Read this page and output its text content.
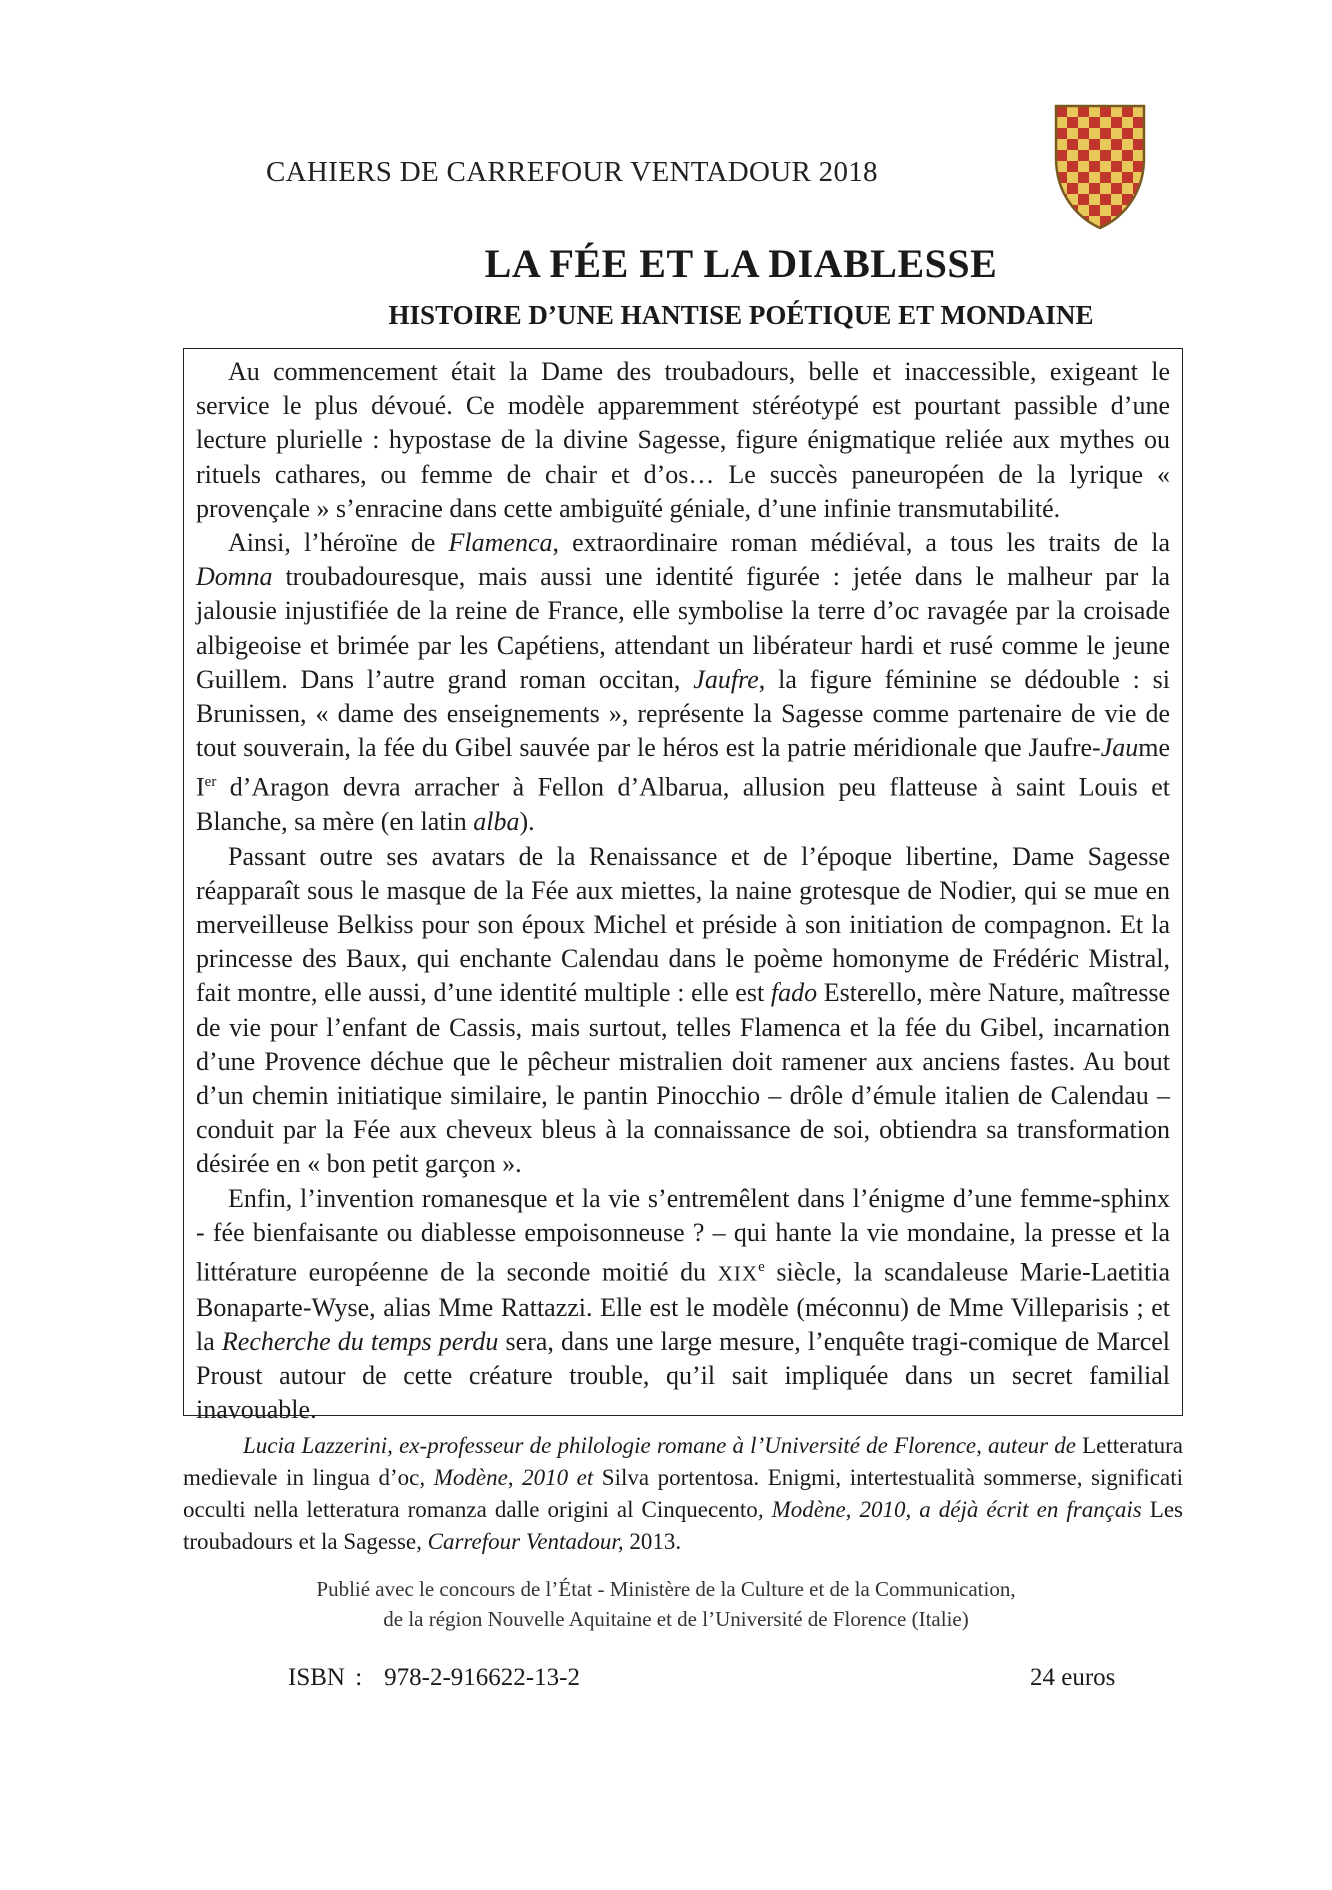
CAHIERS DE CARREFOUR VENTADOUR 2018
LA FÉE ET LA DIABLESSE
HISTOIRE D’UNE HANTISE POÉTIQUE ET MONDAINE

Au commencement était la Dame des troubadours, belle et inaccessible, exigeant le service le plus dévoué. Ce modèle apparemment stéréotypé est pourtant passible d’une lecture plurielle : hypostase de la divine Sagesse, figure énigmatique reliée aux mythes ou rituels cathares, ou femme de chair et d’os… Le succès paneuropéen de la lyrique « provençale » s’enracine dans cette ambiguïté géniale, d’une infinie transmutabilité.

Ainsi, l’héroïne de Flamenca, extraordinaire roman médiéval, a tous les traits de la Domna troubadouresque, mais aussi une identité figurée : jetée dans le malheur par la jalousie injustifiée de la reine de France, elle symbolise la terre d’oc ravagée par la croisade albigeoise et brimée par les Capétiens, attendant un libérateur hardi et rusé comme le jeune Guillem. Dans l’autre grand roman occitan, Jaufre, la figure féminine se dédouble : si Brunissen, « dame des enseignements », représente la Sagesse comme partenaire de vie de tout souverain, la fée du Gibel sauvée par le héros est la patrie méridionale que Jaufre-Jaume Ier d’Aragon devra arracher à Fellon d’Albarua, allusion peu flatteuse à saint Louis et Blanche, sa mère (en latin alba).

Passant outre ses avatars de la Renaissance et de l’époque libertine, Dame Sagesse réapparaît sous le masque de la Fée aux miettes, la naine grotesque de Nodier, qui se mue en merveilleuse Belkiss pour son époux Michel et préside à son initiation de compagnon. Et la princesse des Baux, qui enchante Calendau dans le poème homonyme de Frédéric Mistral, fait montre, elle aussi, d’une identité multiple : elle est fado Esterello, mère Nature, maîtresse de vie pour l’enfant de Cassis, mais surtout, telles Flamenca et la fée du Gibel, incarnation d’une Provence déchue que le pêcheur mistralien doit ramener aux anciens fastes. Au bout d’un chemin initiatique similaire, le pantin Pinocchio – drôle d’émule italien de Calendau – conduit par la Fée aux cheveux bleus à la connaissance de soi, obtiendra sa transformation désirée en « bon petit garçon ».

Enfin, l’invention romanesque et la vie s’entremêlent dans l’énigme d’une femme-sphinx - fée bienfaisante ou diablesse empoisonneuse ? – qui hante la vie mondaine, la presse et la littérature européenne de la seconde moitié du XIXe siècle, la scandaleuse Marie-Laetitia Bonaparte-Wyse, alias Mme Rattazzi. Elle est le modèle (méconnu) de Mme Villeparisis ; et la Recherche du temps perdu sera, dans une large mesure, l’enquête tragi-comique de Marcel Proust autour de cette créature trouble, qu’il sait impliquée dans un secret familial inavouable.

Lucia Lazzerini, ex-professeur de philologie romane à l’Université de Florence, auteur de Letteratura medievale in lingua d’oc, Modène, 2010 et Silva portentosa. Enigmi, intertestualità sommerse, significati occulti nella letteratura romanza dalle origini al Cinquecento, Modène, 2010, a déjà écrit en français Les troubadours et la Sagesse, Carrefour Ventadour, 2013.
Publié avec le concours de l’État - Ministère de la Culture et de la Communication,
de la région Nouvelle Aquitaine et de l’Université de Florence (Italie)
ISBN : 978-2-916622-13-2	24 euros
